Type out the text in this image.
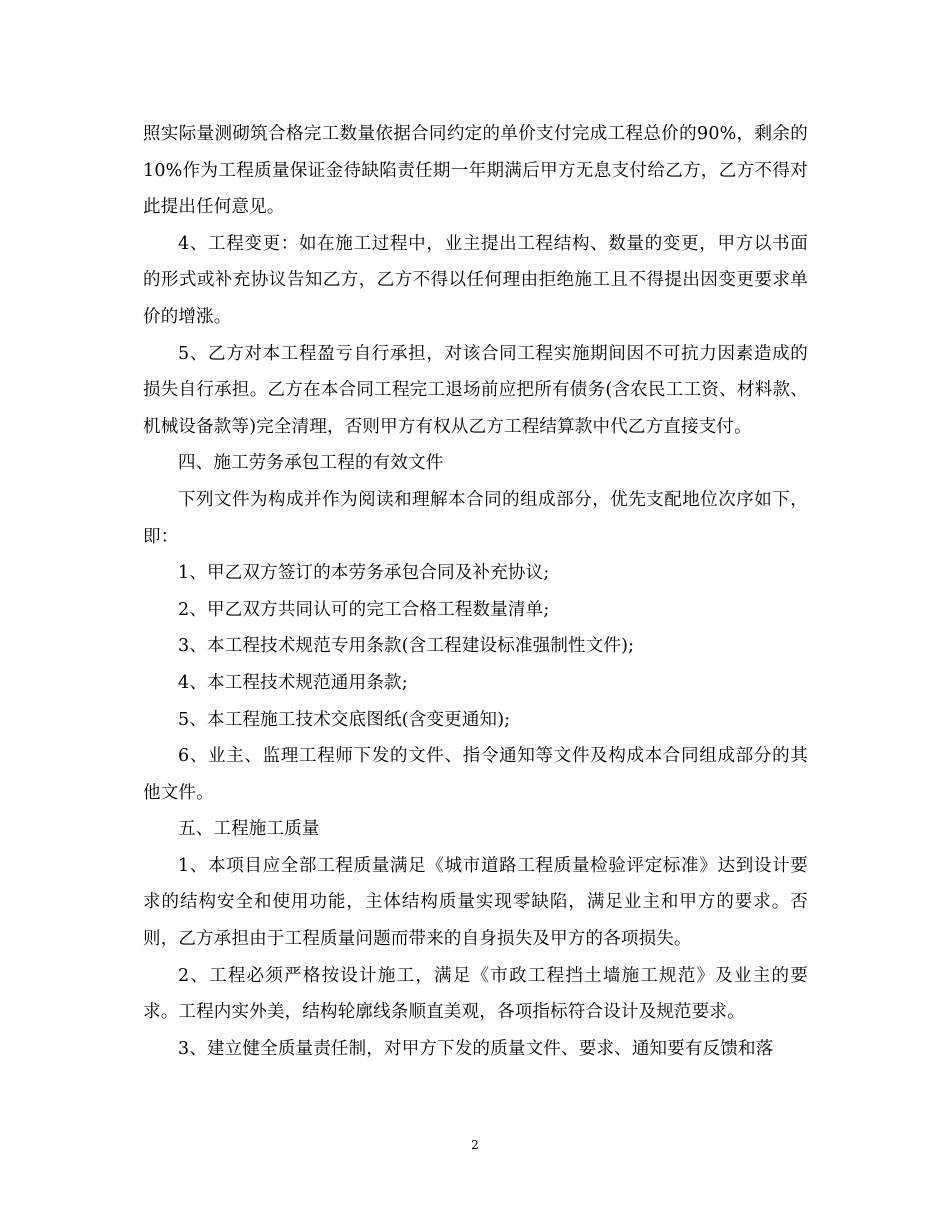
照实际量测砌筑合格完工数量依据合同约定的单价支付完成工程总价的90%，剩余的10%作为工程质量保证金待缺陷责任期一年期满后甲方无息支付给乙方，乙方不得对此提出任何意见。

4、工程变更：如在施工过程中，业主提出工程结构、数量的变更，甲方以书面的形式或补充协议告知乙方，乙方不得以任何理由拒绝施工且不得提出因变更要求单价的增涨。

5、乙方对本工程盈亏自行承担，对该合同工程实施期间因不可抗力因素造成的损失自行承担。乙方在本合同工程完工退场前应把所有债务(含农民工工资、材料款、机械设备款等)完全清理，否则甲方有权从乙方工程结算款中代乙方直接支付。

四、施工劳务承包工程的有效文件

下列文件为构成并作为阅读和理解本合同的组成部分，优先支配地位次序如下，即：

1、甲乙双方签订的本劳务承包合同及补充协议;

2、甲乙双方共同认可的完工合格工程数量清单;

3、本工程技术规范专用条款(含工程建设标准强制性文件);

4、本工程技术规范通用条款;

5、本工程施工技术交底图纸(含变更通知);

6、业主、监理工程师下发的文件、指令通知等文件及构成本合同组成部分的其他文件。

五、工程施工质量

1、本项目应全部工程质量满足《城市道路工程质量检验评定标准》达到设计要求的结构安全和使用功能，主体结构质量实现零缺陷，满足业主和甲方的要求。否则，乙方承担由于工程质量问题而带来的自身损失及甲方的各项损失。

2、工程必须严格按设计施工，满足《市政工程挡土墙施工规范》及业主的要求。工程内实外美，结构轮廓线条顺直美观，各项指标符合设计及规范要求。

3、建立健全质量责任制，对甲方下发的质量文件、要求、通知要有反馈和落

2
